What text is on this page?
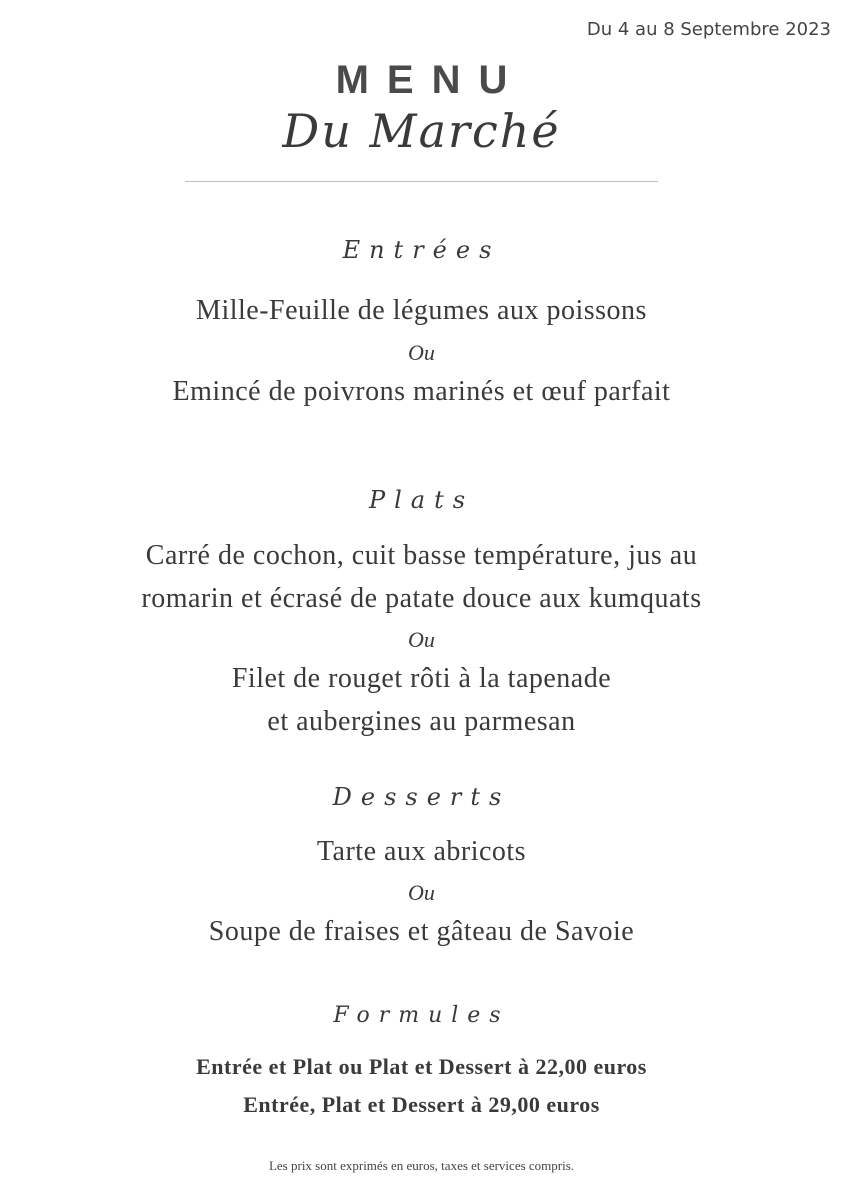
Du 4 au 8 Septembre 2023
MENU
Du Marché
Entrées
Mille-Feuille de légumes aux poissons
Ou
Emincé de poivrons marinés et œuf parfait
Plats
Carré de cochon, cuit basse température, jus au
romarin et écrasé de patate douce aux kumquats
Ou
Filet de rouget rôti à la tapenade
et aubergines au parmesan
Desserts
Tarte aux abricots
Ou
Soupe de fraises et gâteau de Savoie
Formules
Entrée et Plat ou Plat et Dessert à 22,00 euros
Entrée, Plat et Dessert à 29,00 euros
Les prix sont exprimés en euros, taxes et services compris.
